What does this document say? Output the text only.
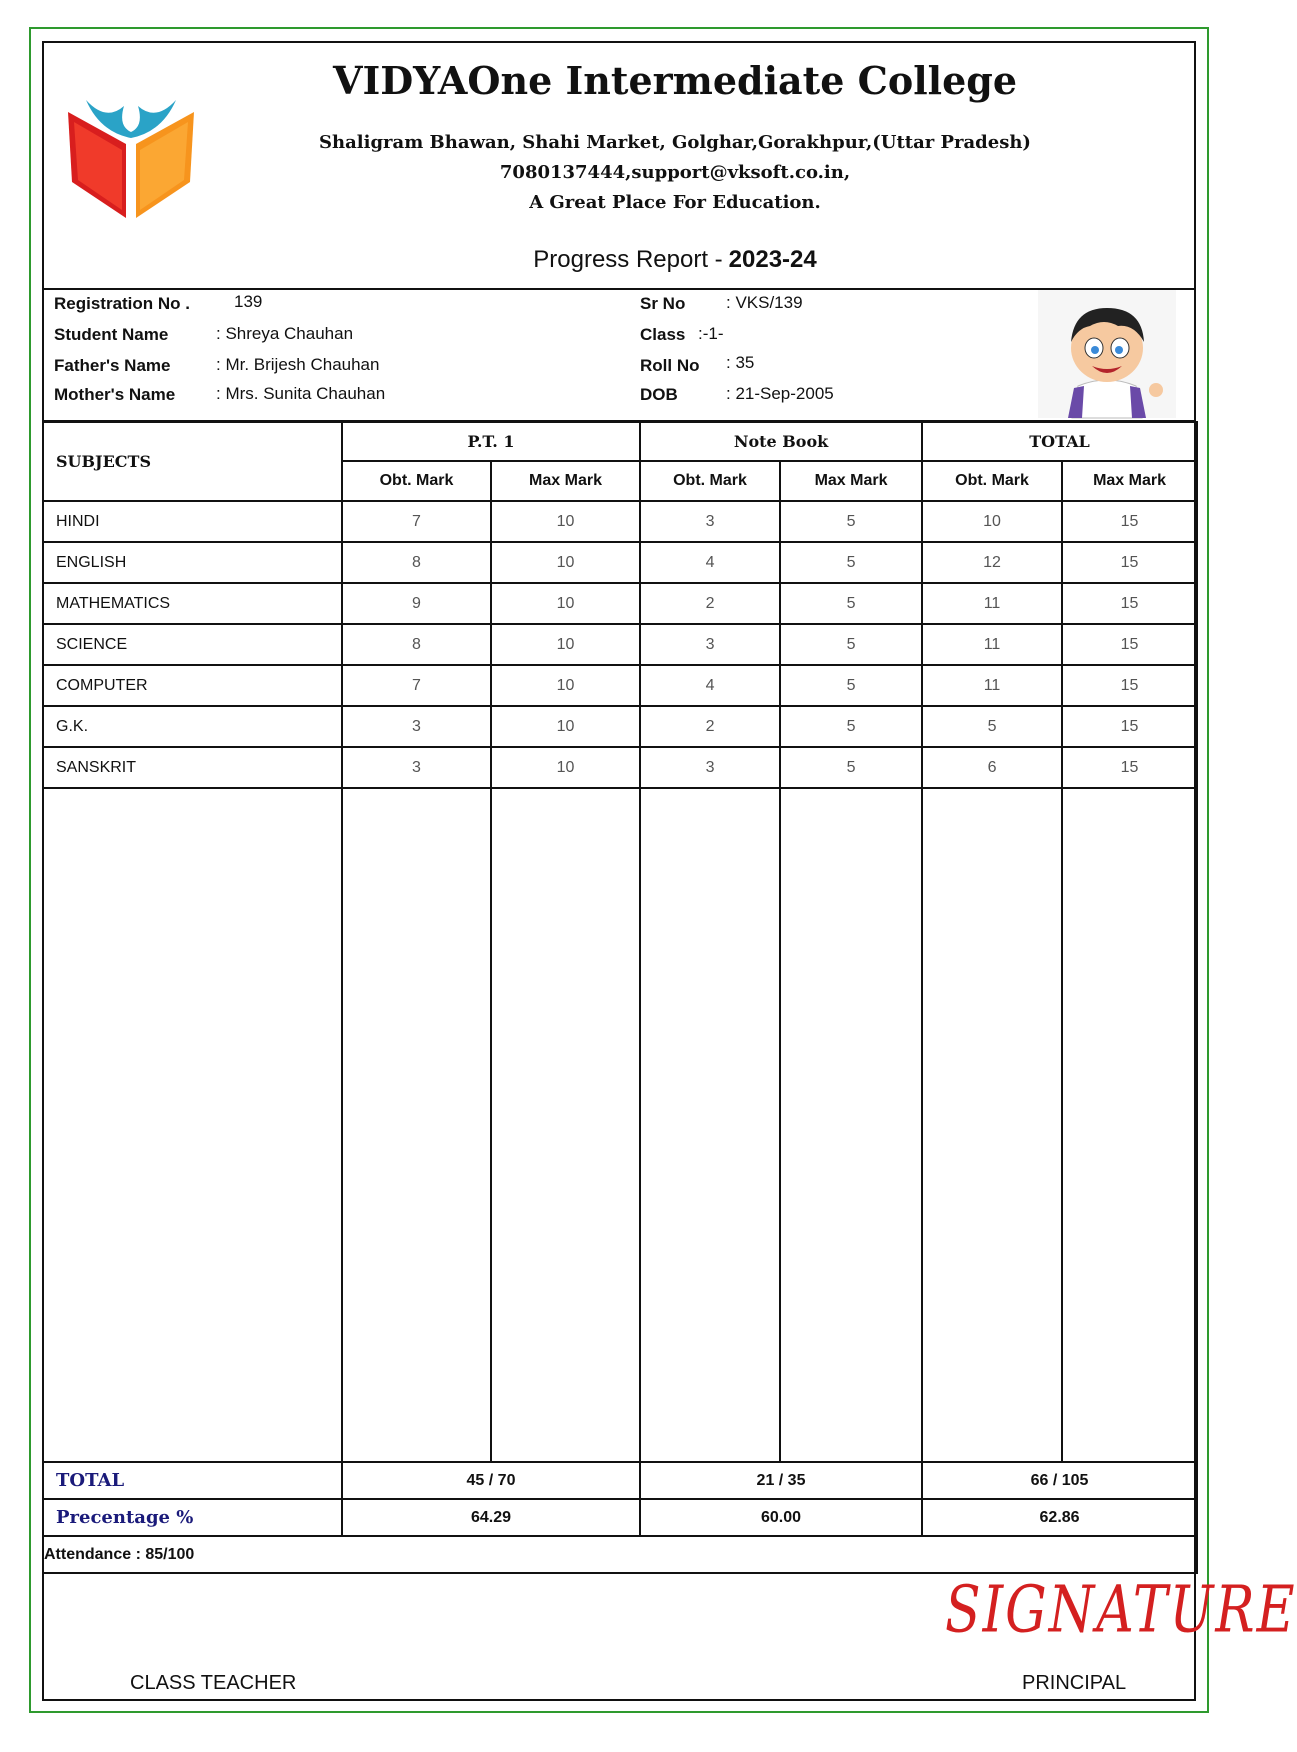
VIDYAOne Intermediate College
Shaligram Bhawan, Shahi Market, Golghar,Gorakhpur,(Uttar Pradesh)
7080137444,support@vksoft.co.in,
A Great Place For Education.
Progress Report - 2023-24
Registration No .	139
Student Name	: Shreya Chauhan
Father's Name	: Mr. Brijesh Chauhan
Mother's Name : Mrs. Sunita Chauhan
Sr No : VKS/139
Class :-1-
Roll No : 35
DOB	: 21-Sep-2005
SUBJECTS	P.T. 1		Note Book		TOTAL	
	Obt. Mark	Max Mark	Obt. Mark	Max Mark	Obt. Mark	Max Mark
HINDI	7	10	3	5	10	15
ENGLISH	8	10	4	5	12	15
MATHEMATICS	9	10	2	5	11	15
SCIENCE	8	10	3	5	11	15
COMPUTER	7	10	4	5	11	15
G.K.	3	10	2	5	5	15
SANSKRIT	3	10	3	5	6	15

TOTAL	45 / 70		21 / 35		66 / 105	
Precentage %	64.29		60.00		62.86	
Attendance : 85/100						
SIGNATURE
CLASS TEACHER	PRINCIPAL
